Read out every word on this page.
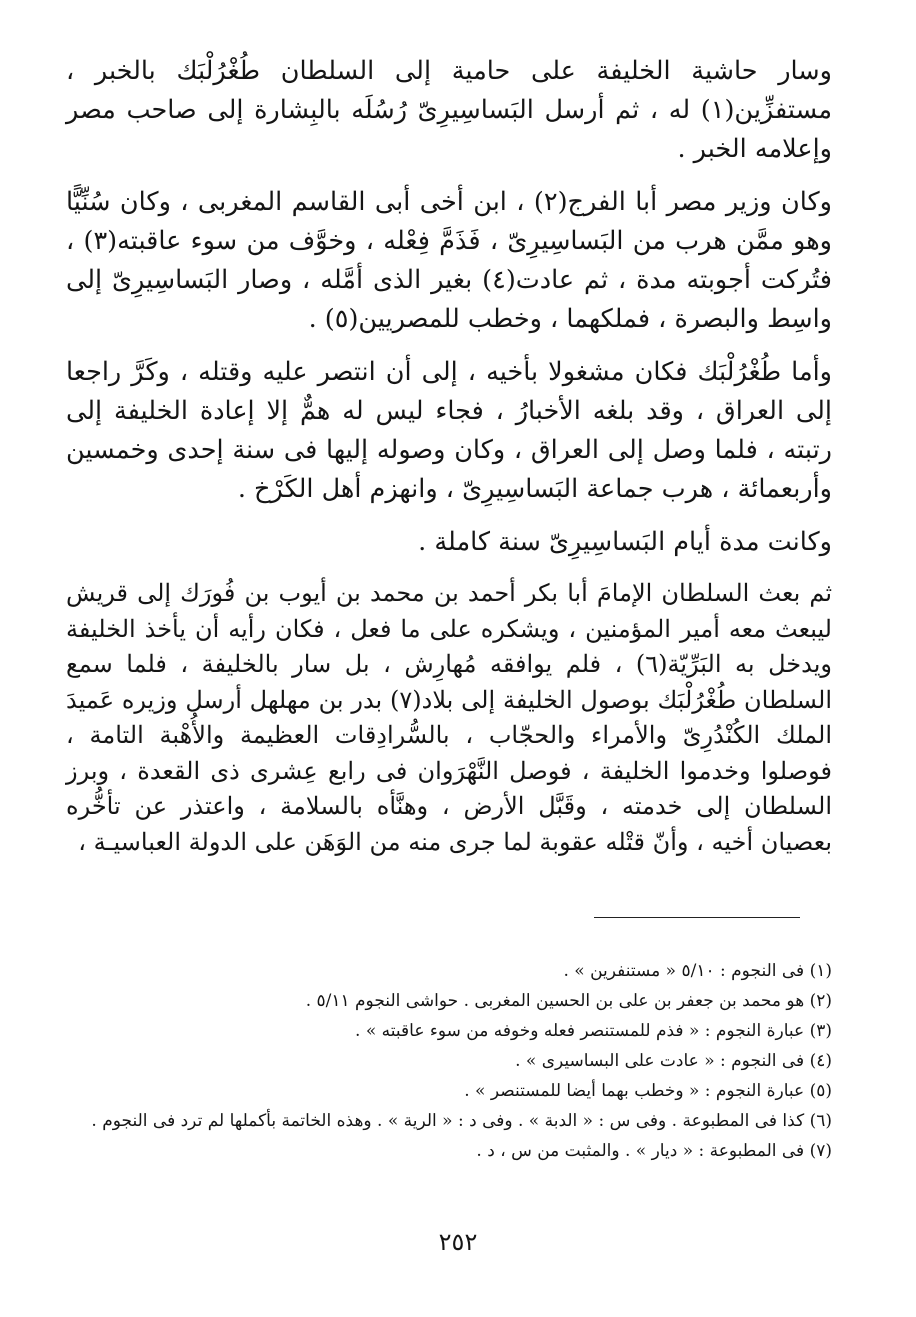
وسار حاشية الخليفة على حامية إلى السلطان طُغْرُلْبَك بالخبر ، مستفزِّين(١) له ، ثم أرسل البَساسِيرِىّ رُسُلَه بالبِشارة إلى صاحب مصر وإعلامه الخبر .

وكان وزير مصر أبا الفرج(٢) ، ابن أخى أبى القاسم المغربى ، وكان سُنِّيًّا وهو ممَّن هرب من البَساسِيرِىّ ، فَذَمَّ فِعْله ، وخوَّف من سوء عاقبته(٣) ، فتُركت أجوبته مدة ، ثم عادت(٤) بغير الذى أمَّله ، وصار البَساسِيرِىّ إلى واسِط والبصرة ، فملكهما ، وخطب للمصريين(٥) .

وأما طُغْرُلْبَك فكان مشغولا بأخيه ، إلى أن انتصر عليه وقتله ، وكَرَّ راجعا إلى العراق ، وقد بلغه الأخبارُ ، فجاء ليس له همٌّ إلا إعادة الخليفة إلى رتبته ، فلما وصل إلى العراق ، وكان وصوله إليها فى سنة إحدى وخمسين وأربعمائة ، هرب جماعة البَساسِيرِىّ ، وانهزم أهل الكَرْخ .

وكانت مدة أيام البَساسِيرِىّ سنة كاملة .

ثم بعث السلطان الإمامَ أبا بكر أحمد بن محمد بن أيوب بن فُورَك إلى قريش ليبعث معه أمير المؤمنين ، ويشكره على ما فعل ، فكان رأيه أن يأخذ الخليفة ويدخل به البَرِّيّة(٦) ، فلم يوافقه مُهارِش ، بل سار بالخليفة ، فلما سمع السلطان طُغْرُلْبَك بوصول الخليفة إلى بلاد(٧) بدر بن مهلهل أرسل وزيره عَميدَ الملك الكُنْدُرِىّ والأمراء والحجّاب ، بالسُّرادِقات العظيمة والأُهْبة التامة ، فوصلوا وخدموا الخليفة ، فوصل النَّهْرَوان فى رابع عِشرى ذى القعدة ، وبرز السلطان إلى خدمته ، وقَبَّل الأرض ، وهنَّأه بالسلامة ، واعتذر عن تأخُّره بعصيان أخيه ، وأنّ قتْله عقوبة لما جرى منه من الوَهَن على الدولة العباسيـة ،

(١) فى النجوم : ٥/١٠ « مستنفرين » .
(٢) هو محمد بن جعفر بن على بن الحسين المغربى . حواشى النجوم ٥/١١ .
(٣) عبارة النجوم : « فذم للمستنصر فعله وخوفه من سوء عاقبته » .
(٤) فى النجوم : « عادت على البساسيرى » .
(٥) عبارة النجوم : « وخطب بهما أيضا للمستنصر » .
(٦) كذا فى المطبوعة . وفى س : « الدبة » . وفى د : « الرية » . وهذه الخاتمة بأكملها لم ترد فى النجوم .
(٧) فى المطبوعة : « ديار » . والمثبت من س ، د .
٢٥٢
